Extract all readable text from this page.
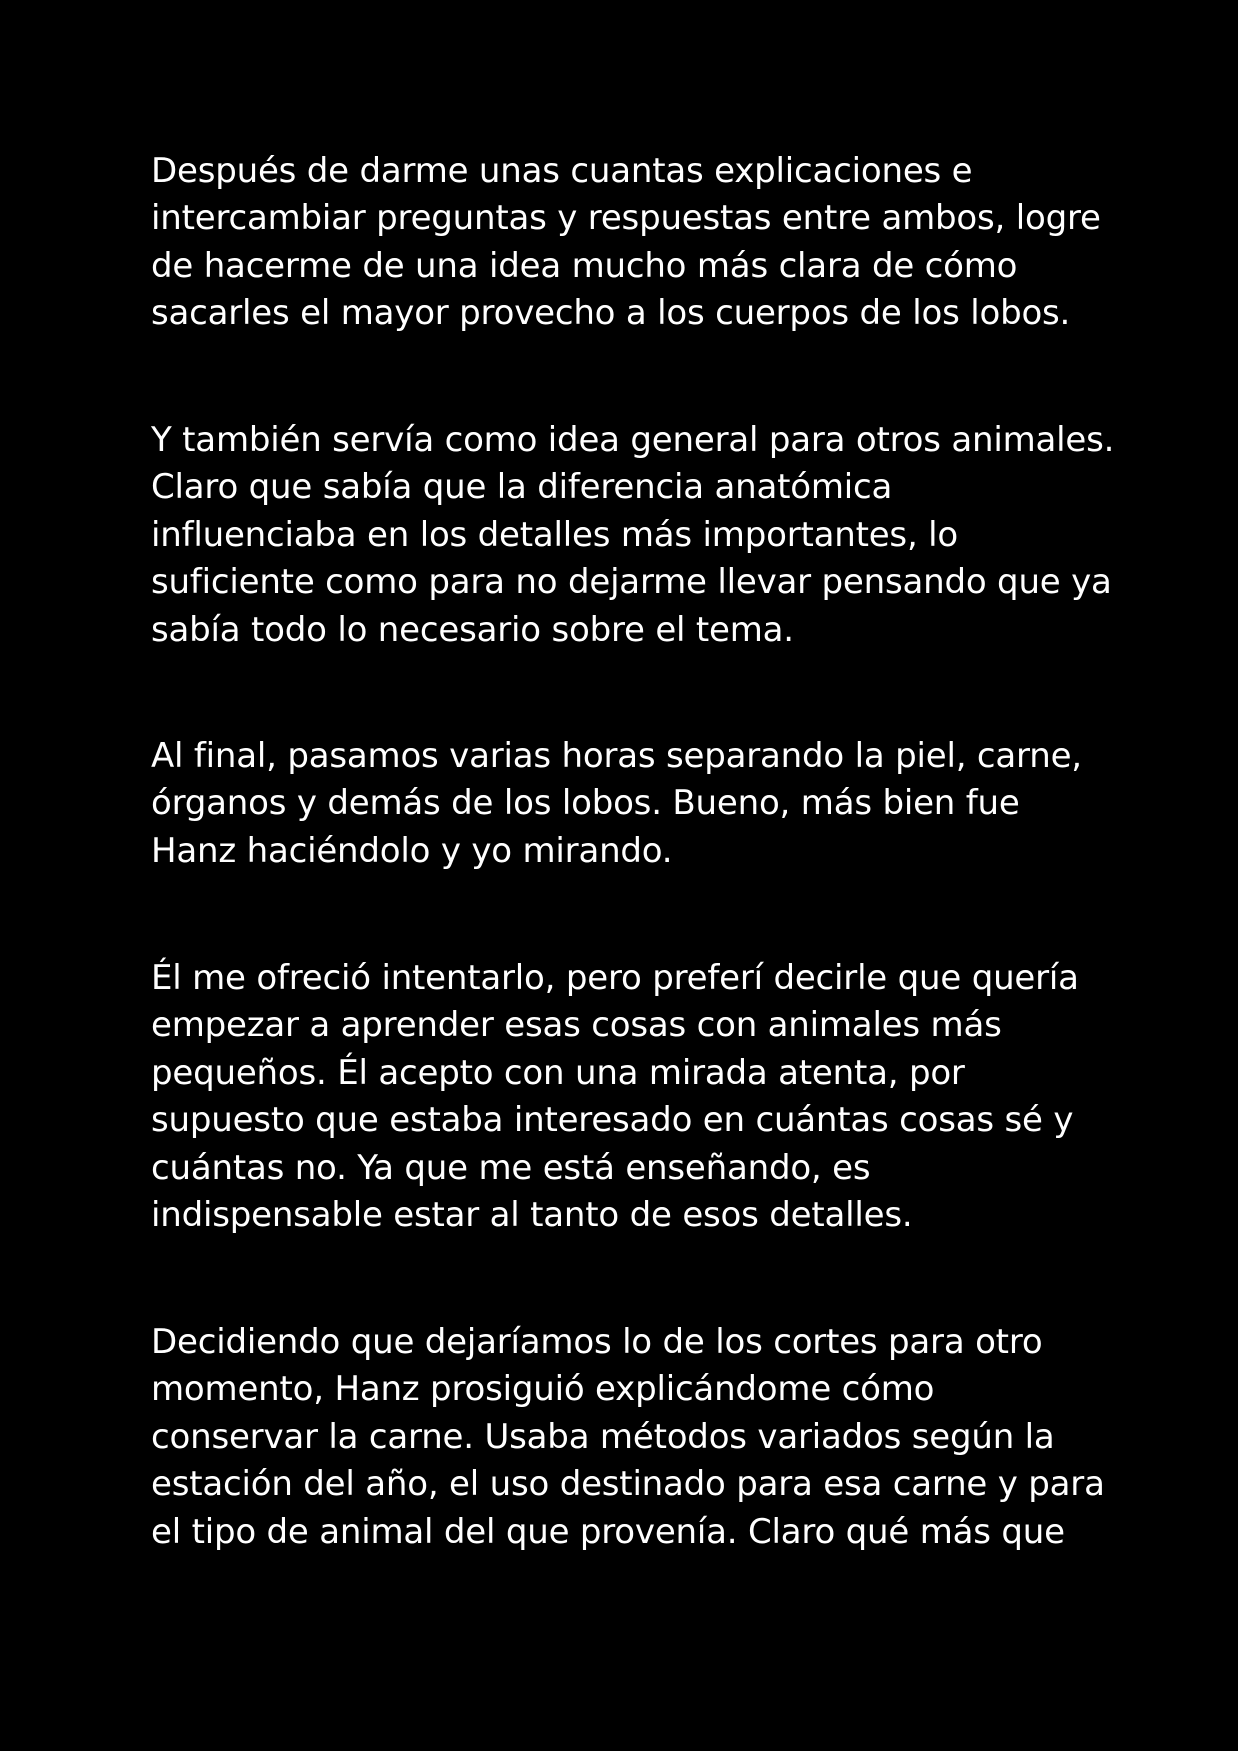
Después de darme unas cuantas explicaciones e
intercambiar preguntas y respuestas entre ambos, logre
de hacerme de una idea mucho más clara de cómo
sacarles el mayor provecho a los cuerpos de los lobos.

Y también servía como idea general para otros animales.
Claro que sabía que la diferencia anatómica
influenciaba en los detalles más importantes, lo
suficiente como para no dejarme llevar pensando que ya
sabía todo lo necesario sobre el tema.

Al final, pasamos varias horas separando la piel, carne,
órganos y demás de los lobos. Bueno, más bien fue
Hanz haciéndolo y yo mirando.

Él me ofreció intentarlo, pero preferí decirle que quería
empezar a aprender esas cosas con animales más
pequeños. Él acepto con una mirada atenta, por
supuesto que estaba interesado en cuántas cosas sé y
cuántas no. Ya que me está enseñando, es
indispensable estar al tanto de esos detalles.

Decidiendo que dejaríamos lo de los cortes para otro
momento, Hanz prosiguió explicándome cómo
conservar la carne. Usaba métodos variados según la
estación del año, el uso destinado para esa carne y para
el tipo de animal del que provenía. Claro qué más que
